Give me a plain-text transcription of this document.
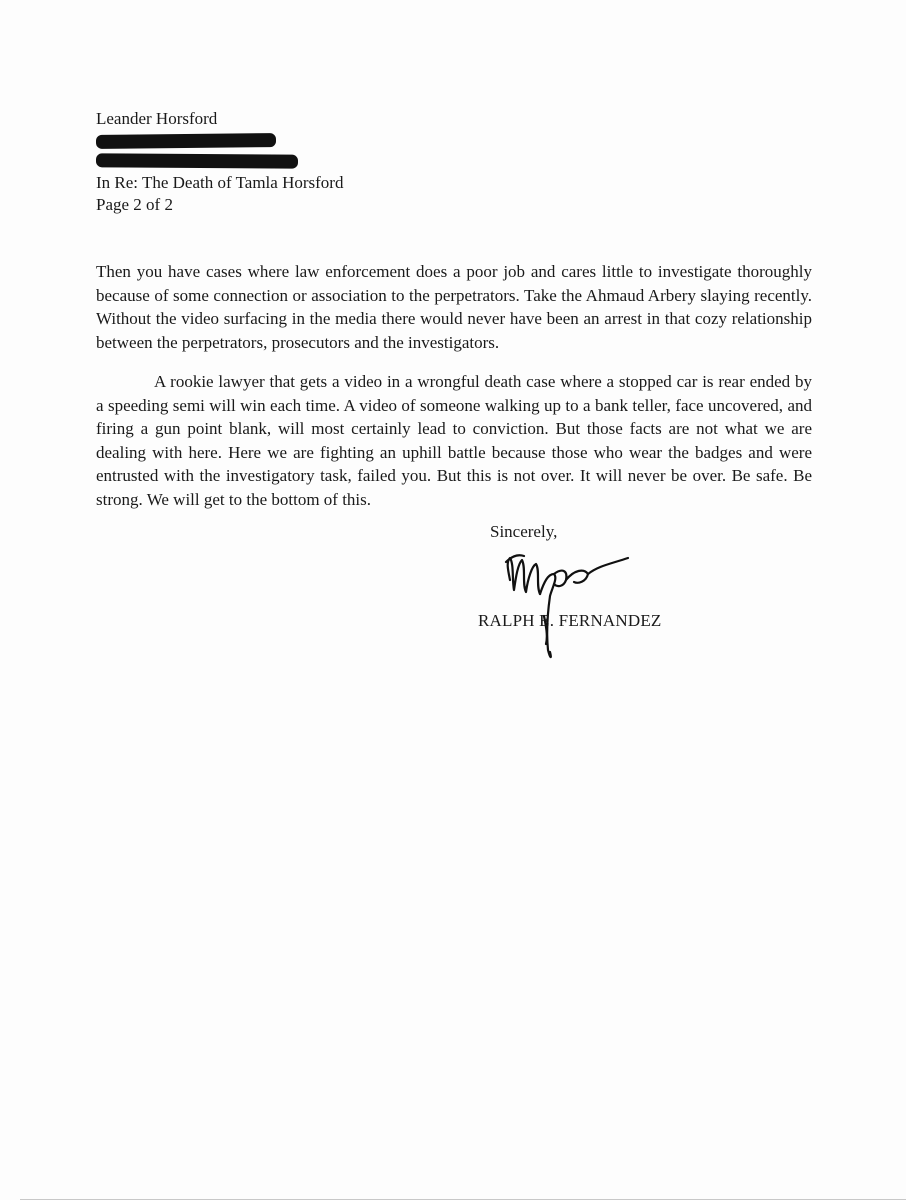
Leander Horsford
In Re: The Death of Tamla Horsford
Page 2 of 2

Then you have cases where law enforcement does a poor job and cares little to investigate thoroughly because of some connection or association to the perpetrators. Take the Ahmaud Arbery slaying recently. Without the video surfacing in the media there would never have been an arrest in that cozy relationship between the perpetrators, prosecutors and the investigators.

A rookie lawyer that gets a video in a wrongful death case where a stopped car is rear ended by a speeding semi will win each time. A video of someone walking up to a bank teller, face uncovered, and firing a gun point blank, will most certainly lead to conviction. But those facts are not what we are dealing with here. Here we are fighting an uphill battle because those who wear the badges and were entrusted with the investigatory task, failed you. But this is not over. It will never be over. Be safe. Be strong. We will get to the bottom of this.

Sincerely,
RALPH E. FERNANDEZ
